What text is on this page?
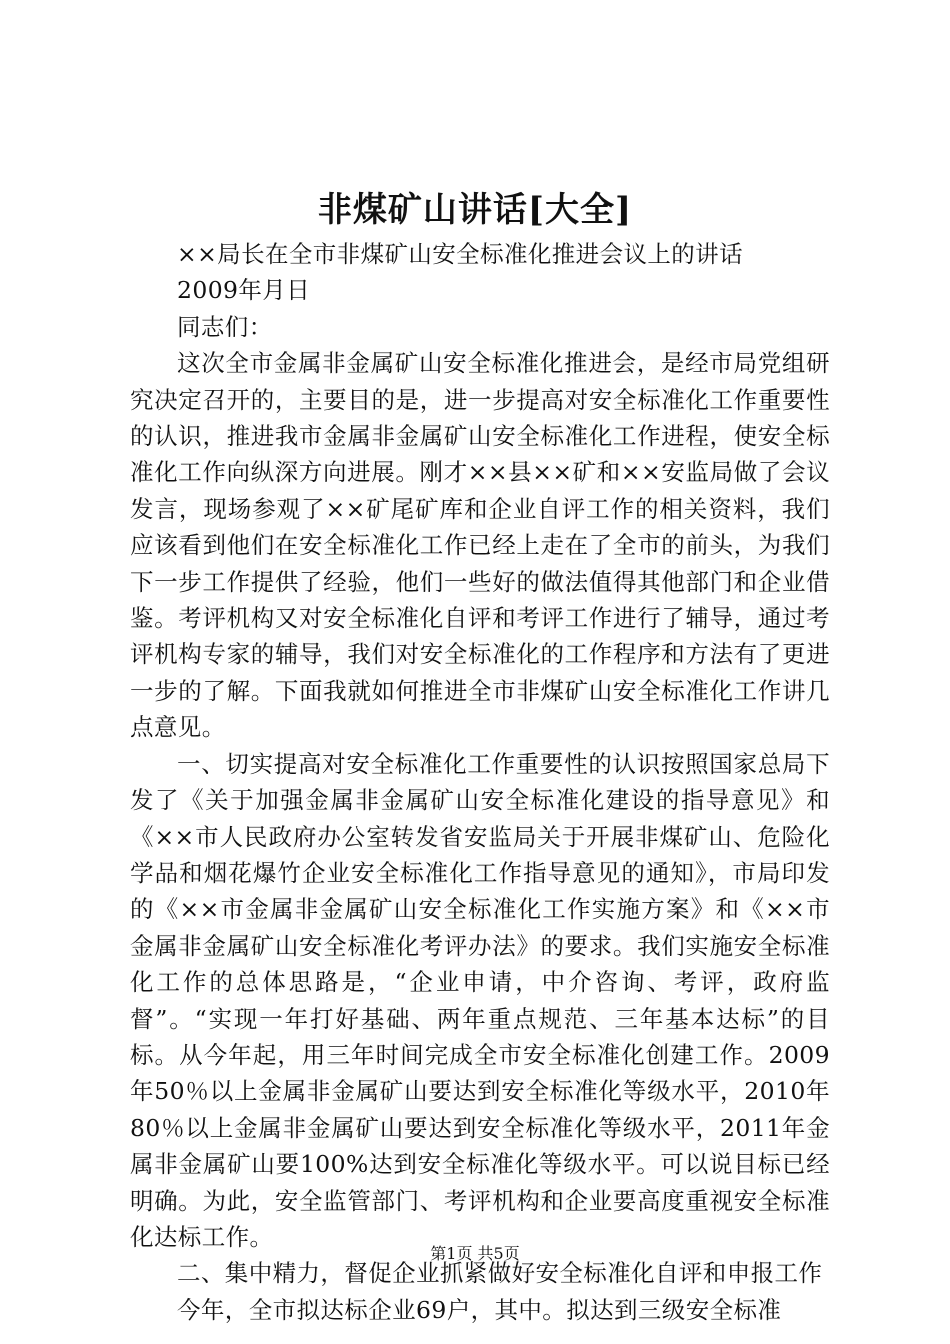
非煤矿山讲话[大全]

××局长在全市非煤矿山安全标准化推进会议上的讲话

2009年月日

同志们：

这次全市金属非金属矿山安全标准化推进会，是经市局党组研究决定召开的，主要目的是，进一步提高对安全标准化工作重要性的认识，推进我市金属非金属矿山安全标准化工作进程，使安全标准化工作向纵深方向进展。刚才××县××矿和××安监局做了会议发言，现场参观了××矿尾矿库和企业自评工作的相关资料，我们应该看到他们在安全标准化工作已经上走在了全市的前头，为我们下一步工作提供了经验，他们一些好的做法值得其他部门和企业借鉴。考评机构又对安全标准化自评和考评工作进行了辅导，通过考评机构专家的辅导，我们对安全标准化的工作程序和方法有了更进一步的了解。下面我就如何推进全市非煤矿山安全标准化工作讲几点意见。

一、切实提高对安全标准化工作重要性的认识按照国家总局下发了《关于加强金属非金属矿山安全标准化建设的指导意见》和《××市人民政府办公室转发省安监局关于开展非煤矿山、危险化学品和烟花爆竹企业安全标准化工作指导意见的通知》，市局印发的《××市金属非金属矿山安全标准化工作实施方案》和《××市金属非金属矿山安全标准化考评办法》的要求。我们实施安全标准化工作的总体思路是，“企业申请，中介咨询、考评，政府监督”。“实现一年打好基础、两年重点规范、三年基本达标”的目标。从今年起，用三年时间完成全市安全标准化创建工作。2009年50％以上金属非金属矿山要达到安全标准化等级水平，2010年80％以上金属非金属矿山要达到安全标准化等级水平，2011年金属非金属矿山要100%达到安全标准化等级水平。可以说目标已经明确。为此，安全监管部门、考评机构和企业要高度重视安全标准化达标工作。

二、集中精力，督促企业抓紧做好安全标准化自评和申报工作

今年，全市拟达标企业69户，其中。拟达到三级安全标准

第1页 共5页
